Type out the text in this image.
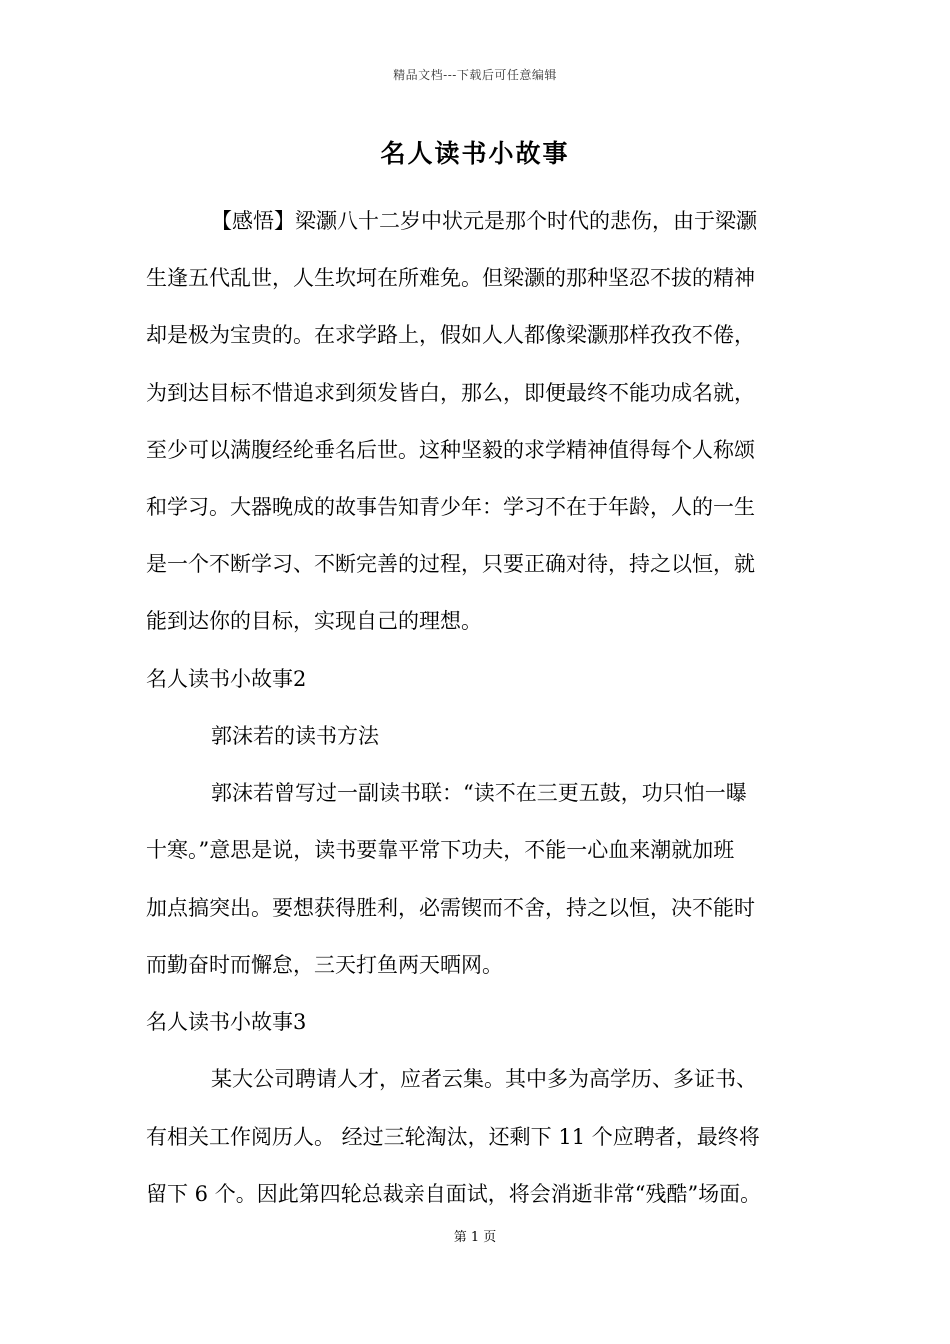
精品文档---下载后可任意编辑
名人读书小故事
【感悟】梁灏八十二岁中状元是那个时代的悲伤，由于梁灏
生逢五代乱世，人生坎坷在所难免。但梁灏的那种坚忍不拔的精神
却是极为宝贵的。在求学路上，假如人人都像梁灏那样孜孜不倦，
为到达目标不惜追求到须发皆白，那么，即便最终不能功成名就，
至少可以满腹经纶垂名后世。这种坚毅的求学精神值得每个人称颂
和学习。大器晚成的故事告知青少年：学习不在于年龄，人的一生
是一个不断学习、不断完善的过程，只要正确对待，持之以恒，就
能到达你的目标，实现自己的理想。
名人读书小故事2
郭沫若的读书方法
郭沫若曾写过一副读书联：“读不在三更五鼓，功只怕一曝
十寒。”意思是说，读书要靠平常下功夫，不能一心血来潮就加班
加点搞突出。要想获得胜利，必需锲而不舍，持之以恒，决不能时
而勤奋时而懈怠，三天打鱼两天晒网。
名人读书小故事3
某大公司聘请人才，应者云集。其中多为高学历、多证书、
有相关工作阅历人。 经过三轮淘汰，还剩下 11 个应聘者，最终将
留下 6 个。因此第四轮总裁亲自面试，将会消逝非常“残酷”场面。
第 1 页
